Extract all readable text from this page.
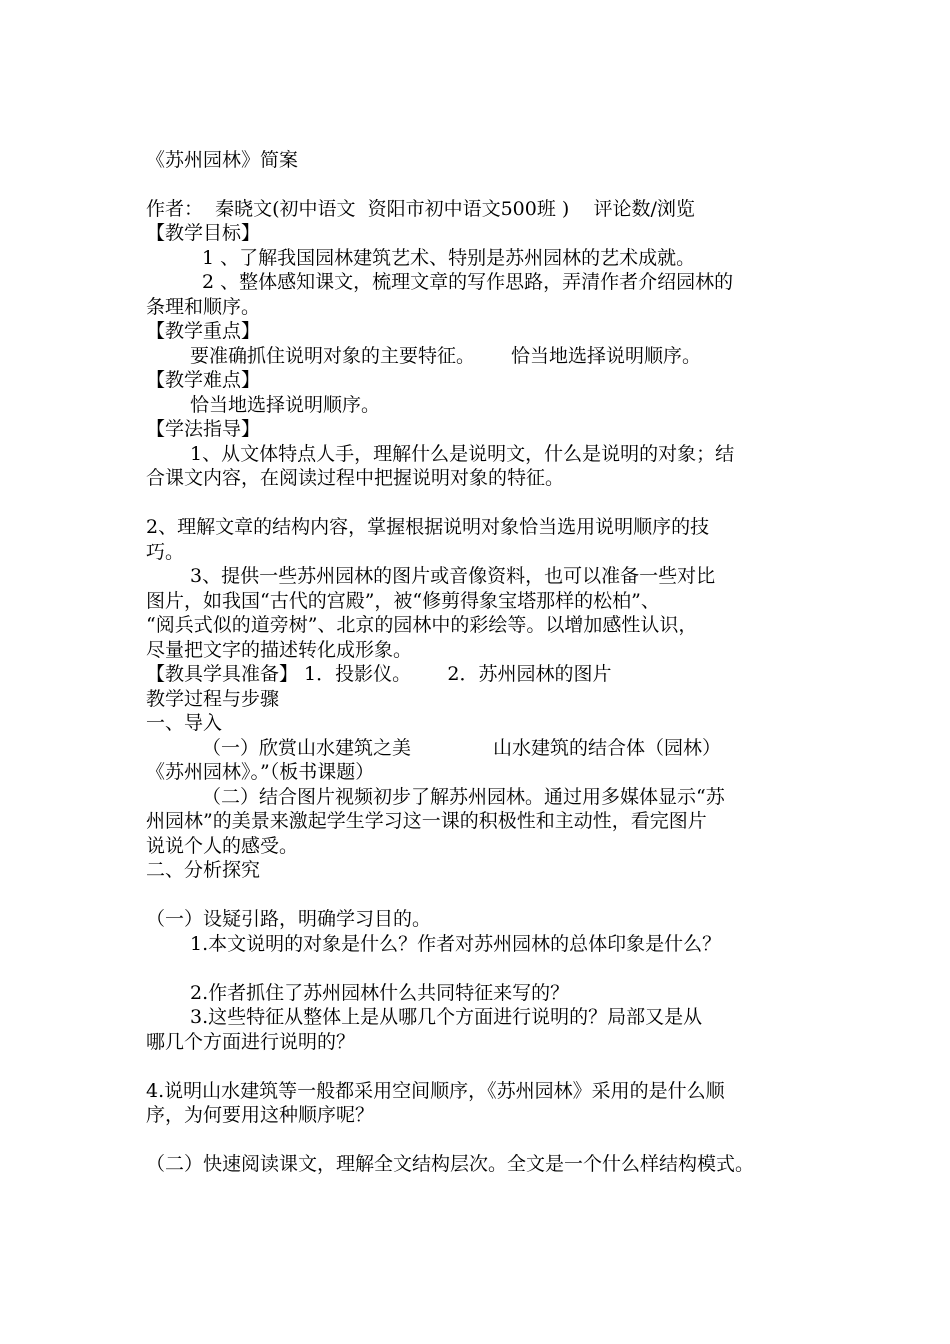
《苏州园林》简案

作者：  秦晓文(初中语文  资阳市初中语文500班 )    评论数/浏览

【教学目标】

1 、了解我国园林建筑艺术、特别是苏州园林的艺术成就。

2 、整体感知课文，梳理文章的写作思路，弄清作者介绍园林的

条理和顺序。

【教学重点】

要准确抓住说明对象的主要特征。 恰当地选择说明顺序。

【教学难点】

恰当地选择说明顺序。

【学法指导】

1、从文体特点人手，理解什么是说明文，什么是说明的对象；结

合课文内容，在阅读过程中把握说明对象的特征。

2、理解文章的结构内容，掌握根据说明对象恰当选用说明顺序的技

巧。

3、提供一些苏州园林的图片或音像资料，也可以准备一些对比

图片，如我国“古代的宫殿”，被“修剪得象宝塔那样的松柏”、

“阅兵式似的道旁树”、北京的园林中的彩绘等。以增加感性认识，

尽量把文字的描述转化成形象。

【教具学具准备】 1．投影仪。      2．苏州园林的图片

教学过程与步骤

一、导入

（一）欣赏山水建筑之美	山水建筑的结合体（园林）

《苏州园林》。”（板书课题）

（二）结合图片视频初步了解苏州园林。通过用多媒体显示“苏

州园林”的美景来激起学生学习这一课的积极性和主动性，看完图片

说说个人的感受。

二、分析探究

（一）设疑引路，明确学习目的。

1.本文说明的对象是什么？作者对苏州园林的总体印象是什么？

2.作者抓住了苏州园林什么共同特征来写的？

3.这些特征从整体上是从哪几个方面进行说明的？局部又是从

哪几个方面进行说明的？

4.说明山水建筑等一般都采用空间顺序，《苏州园林》采用的是什么顺

序，为何要用这种顺序呢？

（二）快速阅读课文，理解全文结构层次。全文是一个什么样结构模式。
